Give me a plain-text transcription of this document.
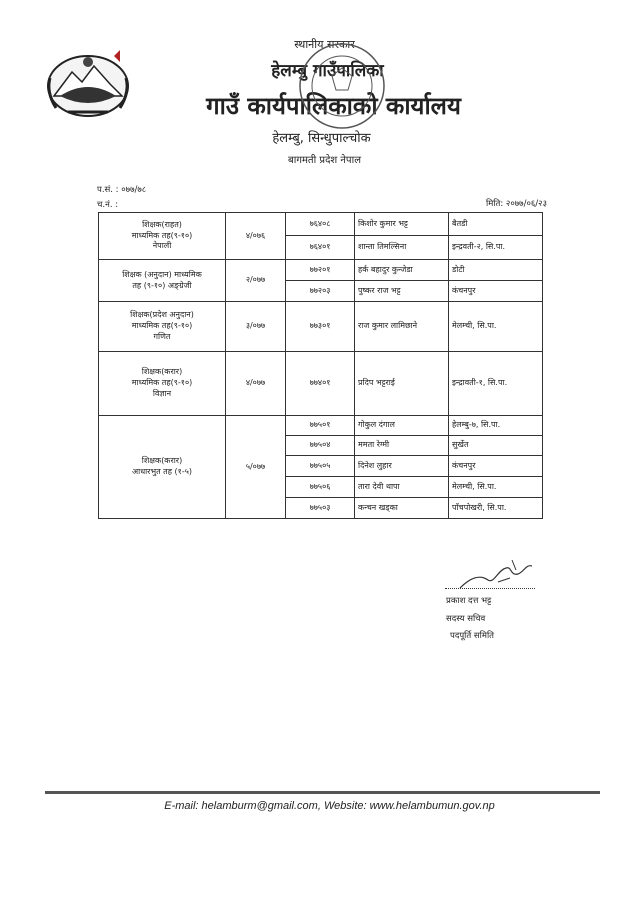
स्थानीय सरकार
हेलम्बु गाउँपालिका
गाउँ कार्यपालिकाको कार्यालय
हेलम्बु, सिन्धुपाल्चोक
बागमती प्रदेश नेपाल
प.सं. : ०७७/७८
च.नं. :	मिति: २०७७/०६/२३
शिक्षक(राहत)
माध्यमिक तह(९-१०)
नेपाली	४/०७६	७६४०८	किशोर कुमार भट्ट	बैतडी
		७६४०१	शान्ता तिमल्सिना	इन्द्रवती-२, सि.पा.

शिक्षक (अनुदान) माध्यमिक
तह (९-१०) अङ्ग्रेजी	२/०७७	७७२०१	हर्क बहादुर कुन्जेडा	डोटी
		७७२०३	पुष्कर राज भट्ट	कंचनपुर

शिक्षक(प्रदेश अनुदान)
माध्यमिक तह(९-१०)
गणित	३/०७७	७७३०१	राज कुमार लामिछाने	मेलम्ची, सि.पा.

शिक्षक(करार)
माध्यमिक तह(९-१०)
विज्ञान	४/०७७	७७४०१	प्रदिप भट्टराई	इन्द्रावती-१, सि.पा.

शिक्षक(करार)
आधारभुत तह (१-५)	५/०७७	७७५०१	गोकुल दंगाल	हेलम्बु-७, सि.पा.
		७७५०४	ममता रेग्मी	सुर्खेत
		७७५०५	दिनेश लुहार	कंचनपुर
		७७५०६	तारा देवी थापा	मेलम्ची, सि.पा.
		७७५०३	कन्चन खड्का	पाँचपोखरी, सि.पा.
प्रकाश दत्त भट्ट
सदस्य सचिव
पदपूर्ति समिति
E-mail: helamburm@gmail.com, Website: www.helambumun.gov.np
